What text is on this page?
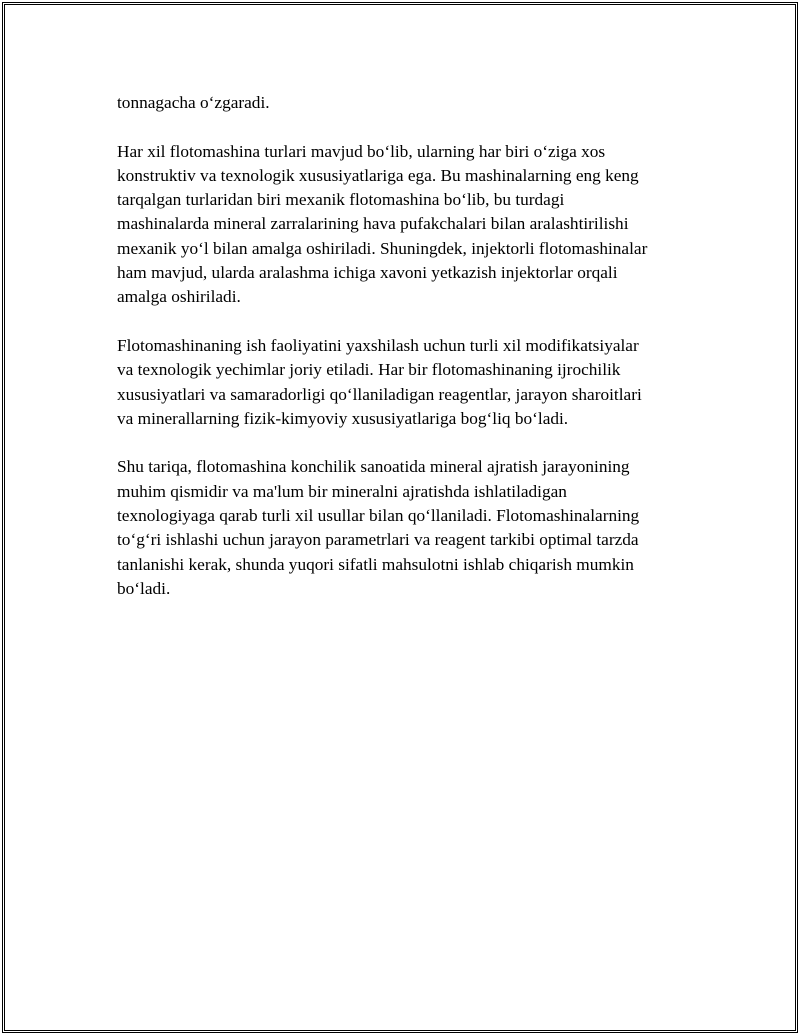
tonnagacha o‘zgaradi.

Har xil flotomashina turlari mavjud bo‘lib, ularning har biri o‘ziga xos
konstruktiv va texnologik xususiyatlariga ega. Bu mashinalarning eng keng
tarqalgan turlaridan biri mexanik flotomashina bo‘lib, bu turdagi
mashinalarda mineral zarralarining hava pufakchalari bilan aralashtirilishi
mexanik yo‘l bilan amalga oshiriladi. Shuningdek, injektorli flotomashinalar
ham mavjud, ularda aralashma ichiga xavoni yetkazish injektorlar orqali
amalga oshiriladi.

Flotomashinaning ish faoliyatini yaxshilash uchun turli xil modifikatsiyalar
va texnologik yechimlar joriy etiladi. Har bir flotomashinaning ijrochilik
xususiyatlari va samaradorligi qo‘llaniladigan reagentlar, jarayon sharoitlari
va minerallarning fizik-kimyoviy xususiyatlariga bog‘liq bo‘ladi.

Shu tariqa, flotomashina konchilik sanoatida mineral ajratish jarayonining
muhim qismidir va ma'lum bir mineralni ajratishda ishlatiladigan
texnologiyaga qarab turli xil usullar bilan qo‘llaniladi. Flotomashinalarning
to‘g‘ri ishlashi uchun jarayon parametrlari va reagent tarkibi optimal tarzda
tanlanishi kerak, shunda yuqori sifatli mahsulotni ishlab chiqarish mumkin
bo‘ladi.
